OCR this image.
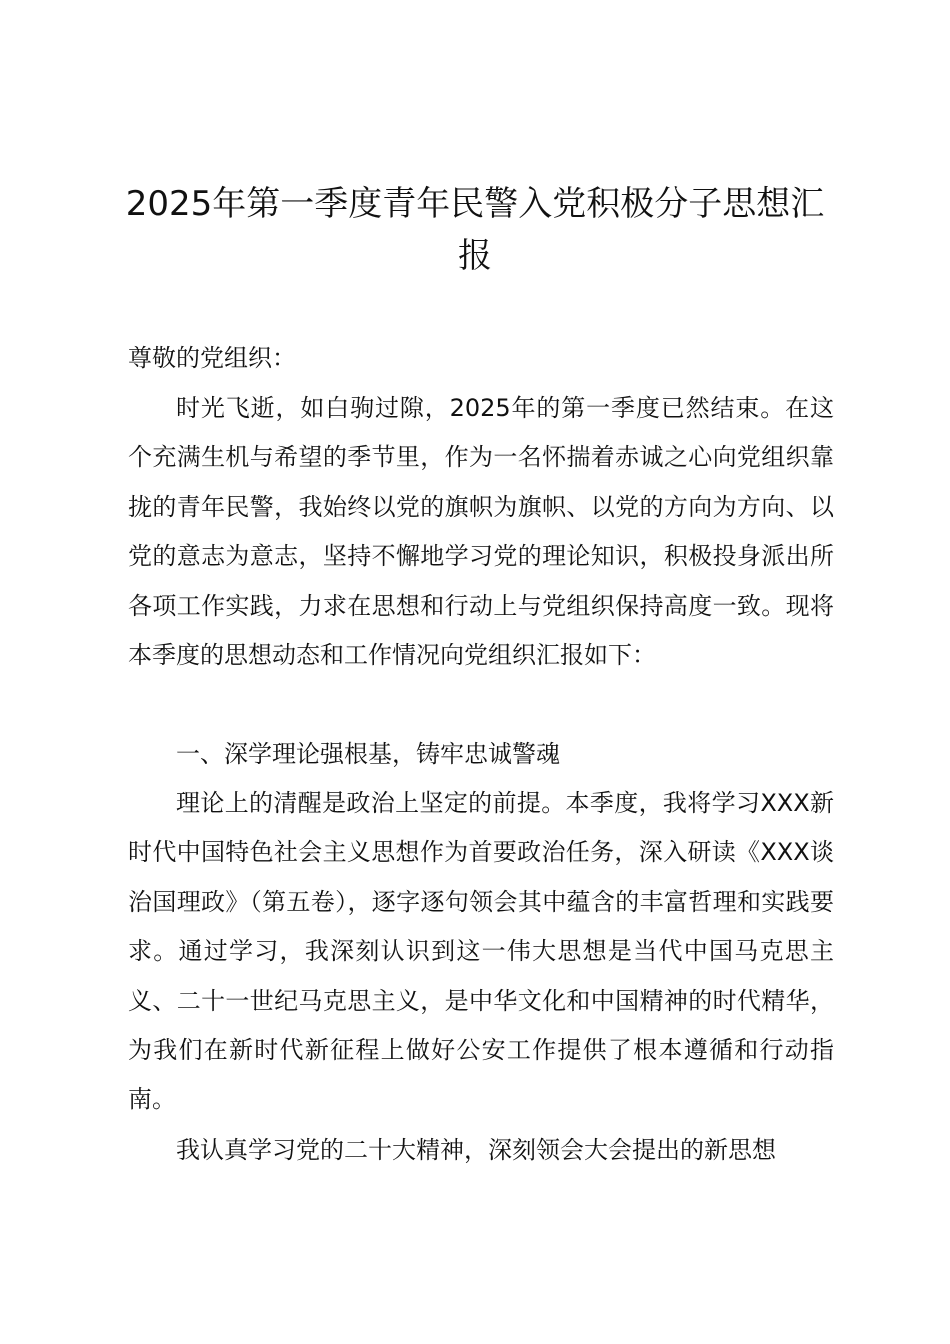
2025年第一季度青年民警入党积极分子思想汇报

尊敬的党组织：

时光飞逝，如白驹过隙，2025年的第一季度已然结束。在这个充满生机与希望的季节里，作为一名怀揣着赤诚之心向党组织靠拢的青年民警，我始终以党的旗帜为旗帜、以党的方向为方向、以党的意志为意志，坚持不懈地学习党的理论知识，积极投身派出所各项工作实践，力求在思想和行动上与党组织保持高度一致。现将本季度的思想动态和工作情况向党组织汇报如下：

一、深学理论强根基，铸牢忠诚警魂

理论上的清醒是政治上坚定的前提。本季度，我将学习XXX新时代中国特色社会主义思想作为首要政治任务，深入研读《XXX谈治国理政》（第五卷），逐字逐句领会其中蕴含的丰富哲理和实践要求。通过学习，我深刻认识到这一伟大思想是当代中国马克思主义、二十一世纪马克思主义，是中华文化和中国精神的时代精华，为我们在新时代新征程上做好公安工作提供了根本遵循和行动指南。

我认真学习党的二十大精神，深刻领会大会提出的新思想
